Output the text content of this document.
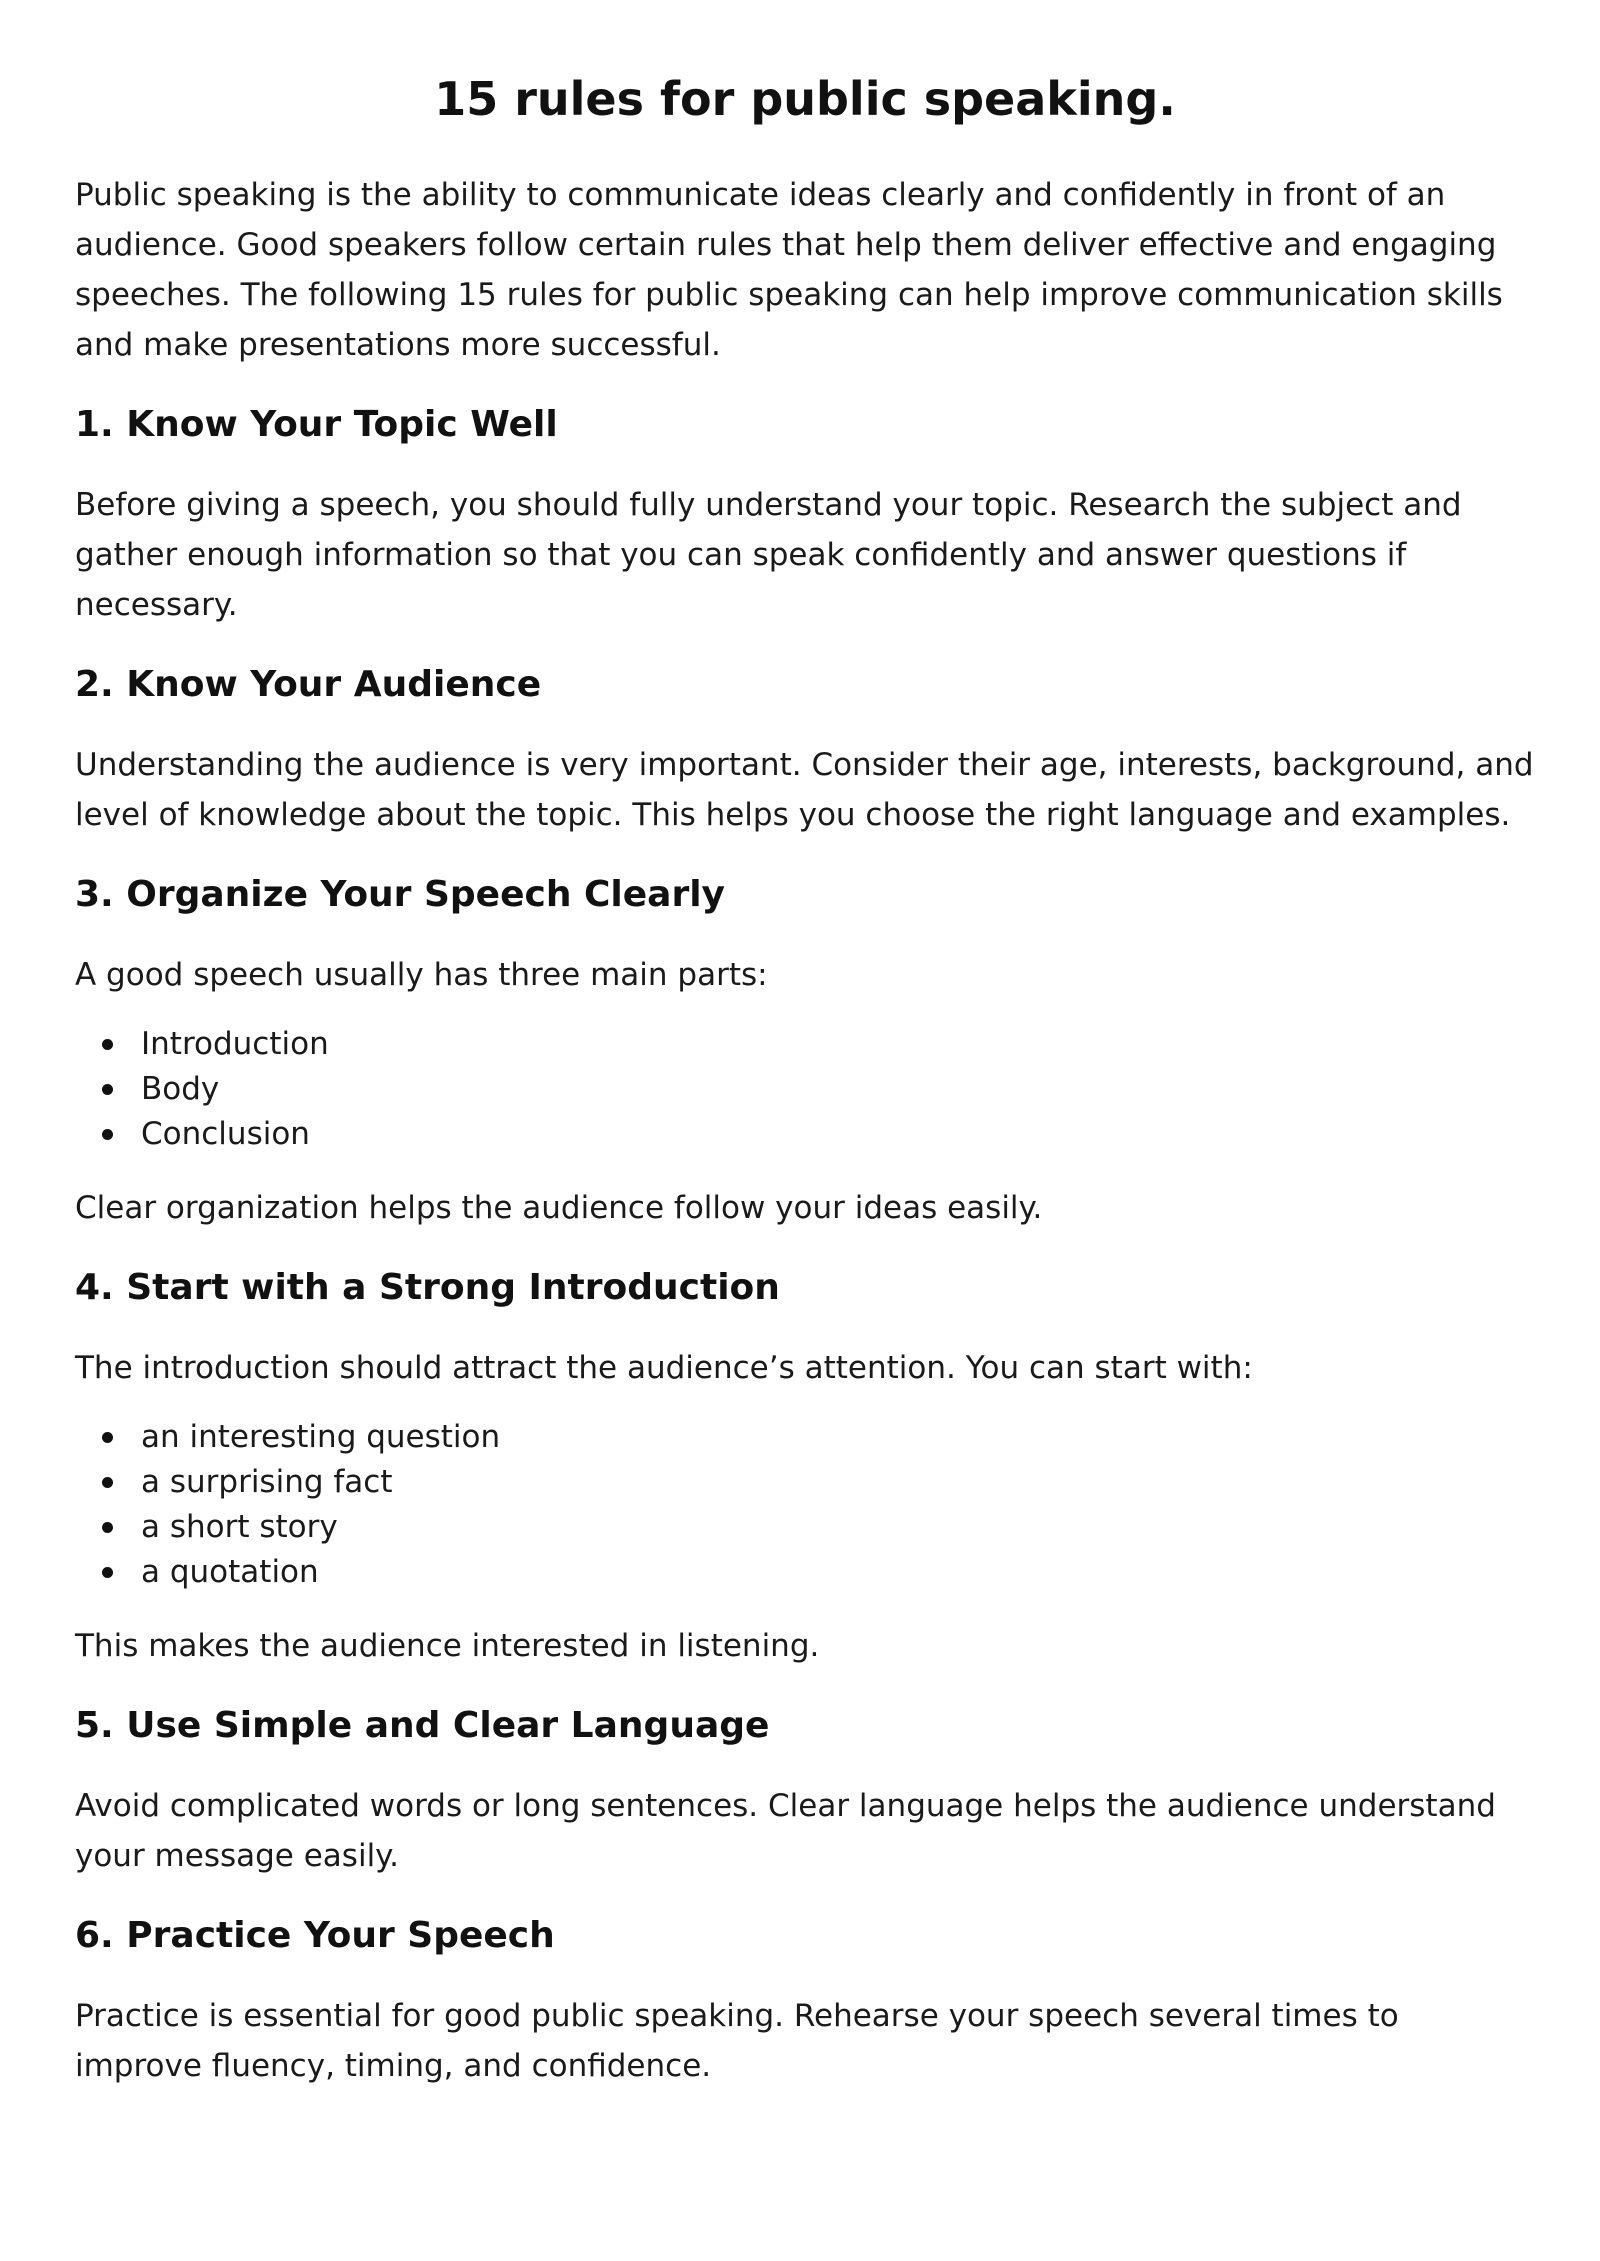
15 rules for public speaking.

Public speaking is the ability to communicate ideas clearly and confidently in front of an audience. Good speakers follow certain rules that help them deliver effective and engaging speeches. The following 15 rules for public speaking can help improve communication skills and make presentations more successful.

1. Know Your Topic Well

Before giving a speech, you should fully understand your topic. Research the subject and gather enough information so that you can speak confidently and answer questions if necessary.

2. Know Your Audience

Understanding the audience is very important. Consider their age, interests, background, and level of knowledge about the topic. This helps you choose the right language and examples.

3. Organize Your Speech Clearly

A good speech usually has three main parts:

Introduction
Body
Conclusion

Clear organization helps the audience follow your ideas easily.

4. Start with a Strong Introduction

The introduction should attract the audience’s attention. You can start with:

an interesting question
a surprising fact
a short story
a quotation

This makes the audience interested in listening.

5. Use Simple and Clear Language

Avoid complicated words or long sentences. Clear language helps the audience understand your message easily.

6. Practice Your Speech

Practice is essential for good public speaking. Rehearse your speech several times to improve fluency, timing, and confidence.
